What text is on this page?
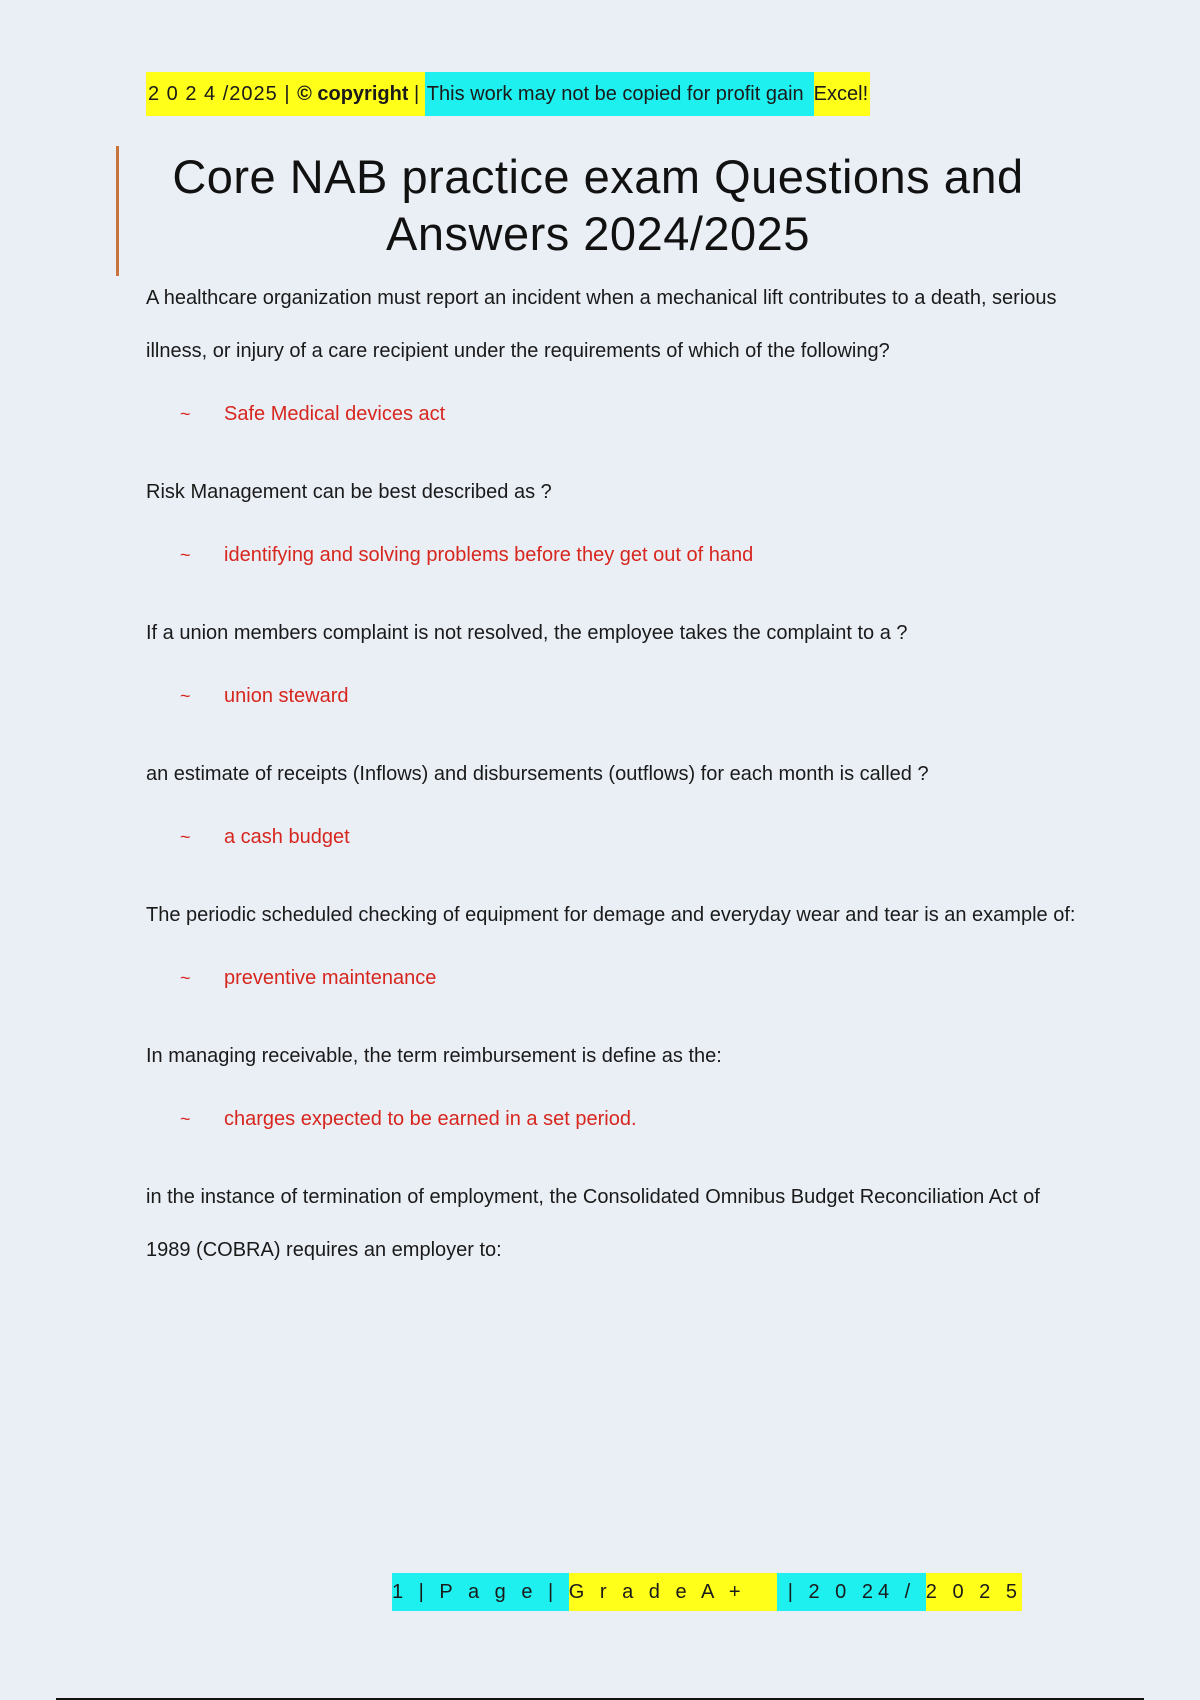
2 0 2 4 /2025 | © copyright | This work may not be copied for profit gain Excel!
Core NAB practice exam Questions and Answers 2024/2025

A healthcare organization must report an incident when a mechanical lift contributes to a death, serious illness, or injury of a care recipient under the requirements of which of the following?

~	Safe Medical devices act

Risk Management can be best described as ?

~	identifying and solving problems before they get out of hand

If a union members complaint is not resolved, the employee takes the complaint to a ?

~	union steward

an estimate of receipts (Inflows) and disbursements (outflows) for each month is called ?

~	a cash budget

The periodic scheduled checking of equipment for demage and everyday wear and tear is an example of:

~	preventive maintenance

In managing receivable, the term reimbursement is define as the:

~	charges expected to be earned in a set period.

in the instance of termination of employment, the Consolidated Omnibus Budget Reconciliation Act of 1989 (COBRA) requires an employer to:

1 | P a g e | G r a d e A + | 2 0 24 / 2 0 2 5
